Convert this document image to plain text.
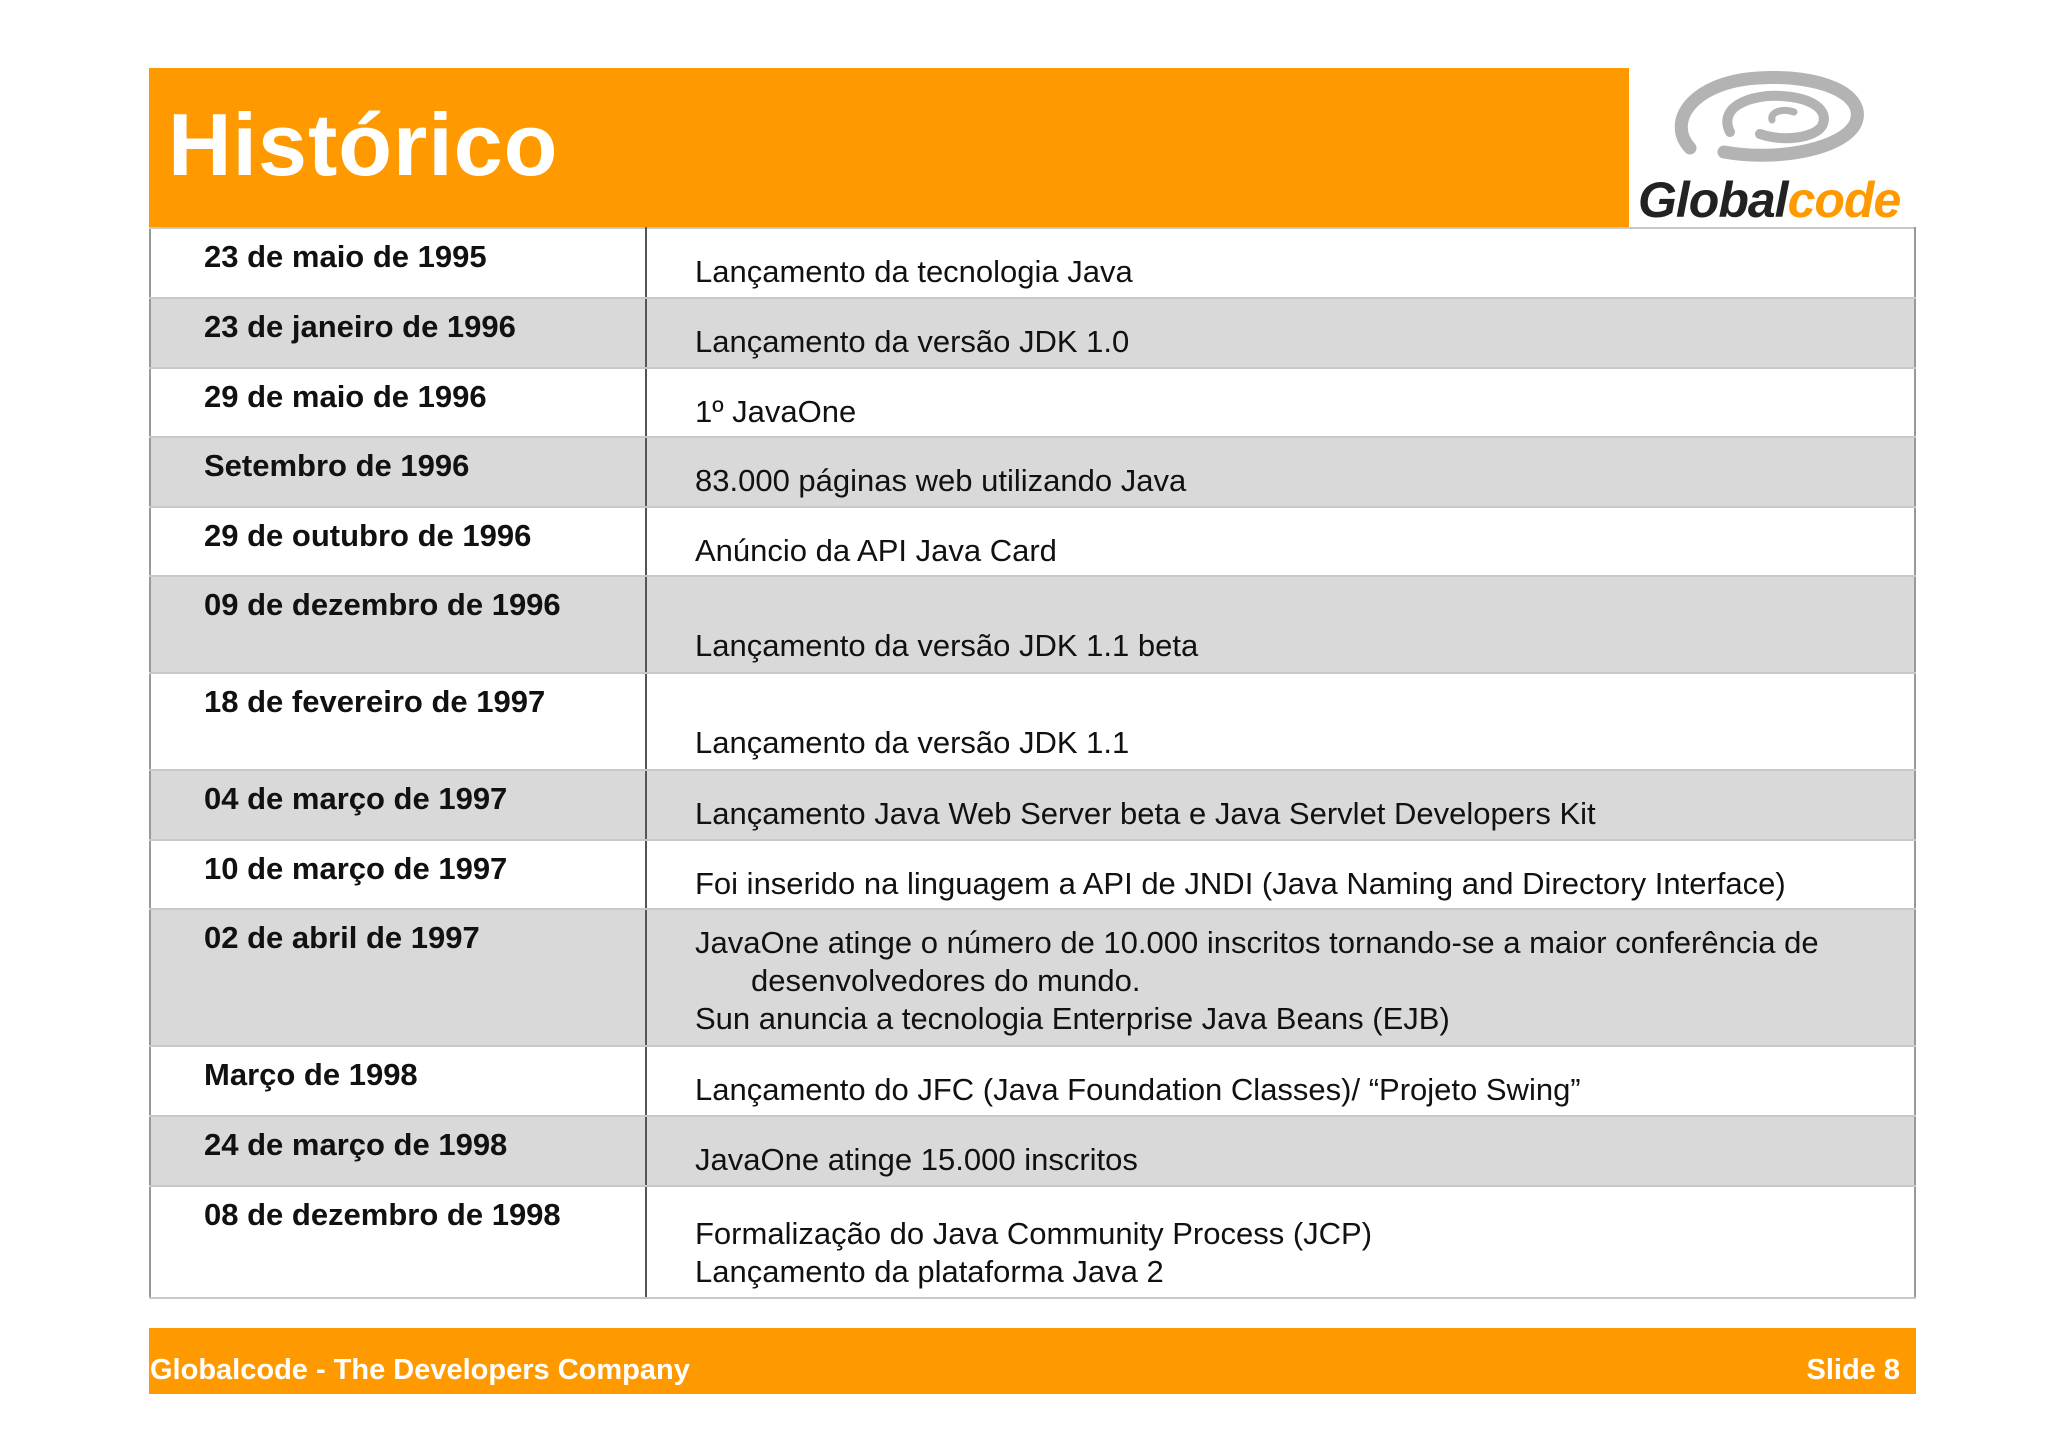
Histórico
Globalcode
23 de maio de 1995	Lançamento da tecnologia Java

23 de janeiro de 1996	Lançamento da versão JDK 1.0

29 de maio de 1996	1º JavaOne

Setembro de 1996	83.000 páginas web utilizando Java

29 de outubro de 1996	Anúncio da API Java Card

09 de dezembro de 1996	Lançamento da versão JDK 1.1 beta

18 de fevereiro de 1997	Lançamento da versão JDK 1.1

04 de março de 1997	Lançamento Java Web Server beta e Java Servlet Developers Kit

10 de março de 1997	Foi inserido na linguagem a API de JNDI (Java Naming and Directory Interface)

02 de abril de 1997	JavaOne atinge o número de 10.000 inscritos tornando-se a maior conferência de
desenvolvedores do mundo.
Sun anuncia a tecnologia Enterprise Java Beans (EJB)

Março de 1998	Lançamento do JFC (Java Foundation Classes)/ “Projeto Swing”

24 de março de 1998	JavaOne atinge 15.000 inscritos

08 de dezembro de 1998	Formalização do Java Community Process (JCP)
Lançamento da plataforma Java 2
Globalcode - The Developers Company	Slide 8
